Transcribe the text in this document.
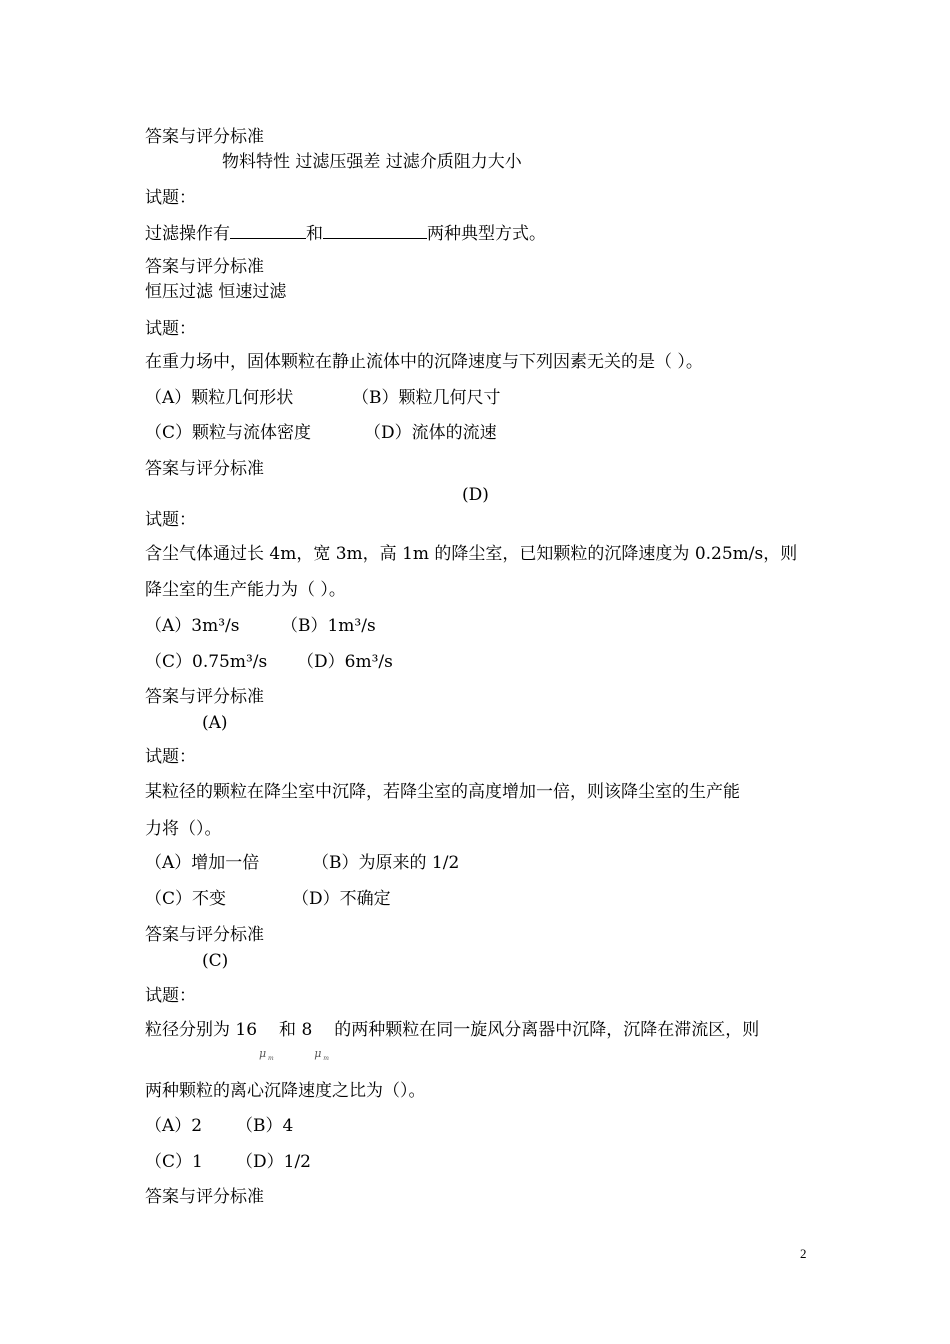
答案与评分标准
物料特性 过滤压强差 过滤介质阻力大小
试题：
过滤操作有	和	两种典型方式。
答案与评分标准
恒压过滤 恒速过滤
试题：
在重力场中，固体颗粒在静止流体中的沉降速度与下列因素无关的是（ ）。
（A）颗粒几何形状	（B）颗粒几何尺寸
（C）颗粒与流体密度	（D）流体的流速
答案与评分标准
(D)
试题：
含尘气体通过长 4m，宽 3m，高 1m 的降尘室，已知颗粒的沉降速度为 0.25m/s，则
降尘室的生产能力为（ ）。
（A）3m³/s （B）1m³/s
（C）0.75m³/s （D）6m³/s
答案与评分标准
(A)
试题：
某粒径的颗粒在降尘室中沉降，若降尘室的高度增加一倍，则该降尘室的生产能
力将（）。
（A）增加一倍	（B）为原来的 1/2
（C）不变	（D）不确定
答案与评分标准
(C)
试题：
粒径分别为 16
μ m
和 8
μ m
的两种颗粒在同一旋风分离器中沉降，沉降在滞流区，则
两种颗粒的离心沉降速度之比为（）。
（A）2 （B）4
（C）1 （D）1/2
答案与评分标准
2
